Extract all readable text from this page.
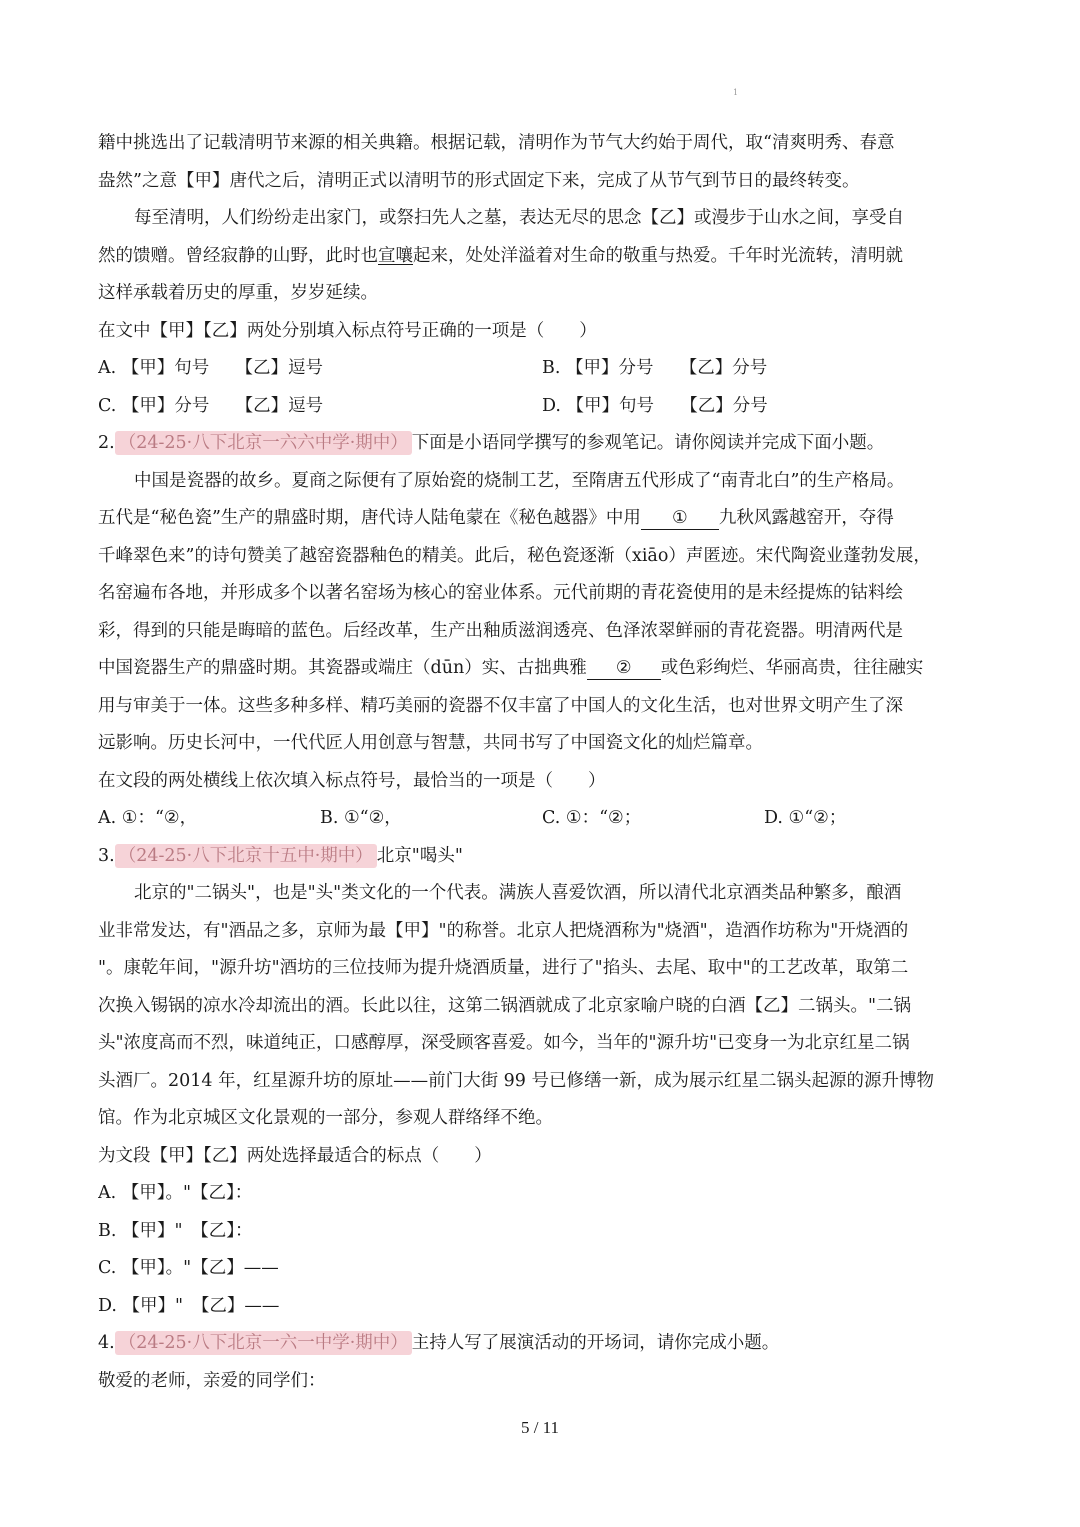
1
籍中挑选出了记载清明节来源的相关典籍。根据记载，清明作为节气大约始于周代，取“清爽明秀、春意
盎然”之意【甲】唐代之后，清明正式以清明节的形式固定下来，完成了从节气到节日的最终转变。
每至清明，人们纷纷走出家门，或祭扫先人之墓，表达无尽的思念【乙】或漫步于山水之间，享受自
然的馈赠。曾经寂静的山野，此时也宣嚷起来，处处洋溢着对生命的敬重与热爱。千年时光流转，清明就
这样承载着历史的厚重，岁岁延续。
在文中【甲】【乙】两处分别填入标点符号正确的一项是（　　）
A. 【甲】句号　　【乙】逗号	B. 【甲】分号　　【乙】分号
C. 【甲】分号　　【乙】逗号	D. 【甲】句号　　【乙】分号
2. （24-25·八下北京一六六中学·期中） 下面是小语同学撰写的参观笔记。请你阅读并完成下面小题。
中国是瓷器的故乡。夏商之际便有了原始瓷的烧制工艺，至隋唐五代形成了“南青北白”的生产格局。
五代是“秘色瓷”生产的鼎盛时期，唐代诗人陆龟蒙在《秘色越器》中用 ① 九秋风露越窑开，夺得
千峰翠色来”的诗句赞美了越窑瓷器釉色的精美。此后，秘色瓷逐渐（xiāo）声匿迹。宋代陶瓷业蓬勃发展，
名窑遍布各地，并形成多个以著名窑场为核心的窑业体系。元代前期的青花瓷使用的是未经提炼的钴料绘
彩，得到的只能是晦暗的蓝色。后经改革，生产出釉质滋润透亮、色泽浓翠鲜丽的青花瓷器。明清两代是
中国瓷器生产的鼎盛时期。其瓷器或端庄（dūn）实、古拙典雅 ② 或色彩绚烂、华丽高贵，往往融实
用与审美于一体。这些多种多样、精巧美丽的瓷器不仅丰富了中国人的文化生活，也对世界文明产生了深
远影响。历史长河中，一代代匠人用创意与智慧，共同书写了中国瓷文化的灿烂篇章。
在文段的两处横线上依次填入标点符号，最恰当的一项是（　　）
A. ①：“②，	B. ①“②，	C. ①：“②；	D. ①“②；
3. （24-25·八下北京十五中·期中） 北京"喝头"
北京的"二锅头"，也是"头"类文化的一个代表。满族人喜爱饮酒，所以清代北京酒类品种繁多，酿酒
业非常发达，有"酒品之多，京师为最【甲】"的称誉。北京人把烧酒称为"烧酒"，造酒作坊称为"开烧酒的
"。康乾年间，"源升坊"酒坊的三位技师为提升烧酒质量，进行了"掐头、去尾、取中"的工艺改革，取第二
次换入锡锅的凉水冷却流出的酒。长此以往，这第二锅酒就成了北京家喻户晓的白酒【乙】二锅头。"二锅
头"浓度高而不烈，味道纯正，口感醇厚，深受顾客喜爱。如今，当年的"源升坊"已变身一为北京红星二锅
头酒厂。2014 年，红星源升坊的原址——前门大街 99 号已修缮一新，成为展示红星二锅头起源的源升博物
馆。作为北京城区文化景观的一部分，参观人群络绎不绝。
为文段【甲】【乙】两处选择最适合的标点（　　）
A. 【甲】。"【乙】：
B. 【甲】"　【乙】：
C. 【甲】。"【乙】——
D. 【甲】"　【乙】——
4. （24-25·八下北京一六一中学·期中） 主持人写了展演活动的开场词，请你完成小题。
敬爱的老师，亲爱的同学们：
5 / 11
